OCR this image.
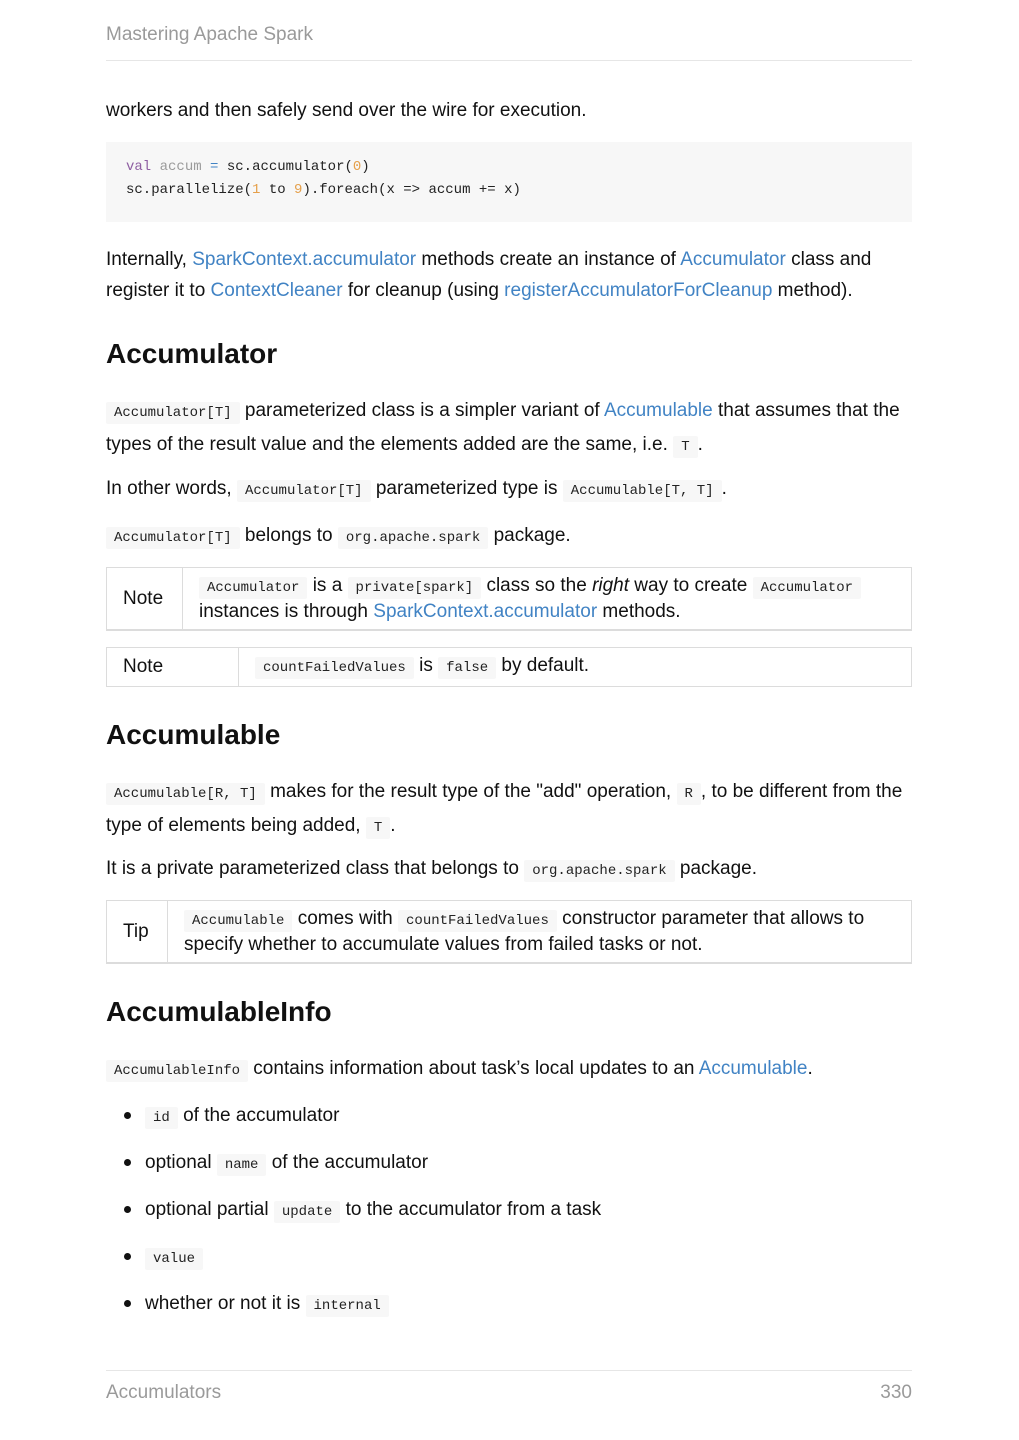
Mastering Apache Spark

workers and then safely send over the wire for execution.

val accum = sc.accumulator(0)
sc.parallelize(1 to 9).foreach(x => accum += x)

Internally, SparkContext.accumulator methods create an instance of Accumulator class and register it to ContextCleaner for cleanup (using registerAccumulatorForCleanup method).

Accumulator

Accumulator[T] parameterized class is a simpler variant of Accumulable that assumes that the types of the result value and the elements added are the same, i.e. T .

In other words, Accumulator[T] parameterized type is Accumulable[T, T] .

Accumulator[T] belongs to org.apache.spark package.

Note	Accumulator is a private[spark] class so the right way to create Accumulator instances is through SparkContext.accumulator methods.
Note	countFailedValues is false by default.
Accumulable

Accumulable[R, T] makes for the result type of the "add" operation, R , to be different from the type of elements being added, T .

It is a private parameterized class that belongs to org.apache.spark package.

Tip	Accumulable comes with countFailedValues constructor parameter that allows to specify whether to accumulate values from failed tasks or not.
AccumulableInfo

AccumulableInfo contains information about task’s local updates to an Accumulable.

id of the accumulator
optional name of the accumulator
optional partial update to the accumulator from a task
value
whether or not it is internal
Accumulators	330
